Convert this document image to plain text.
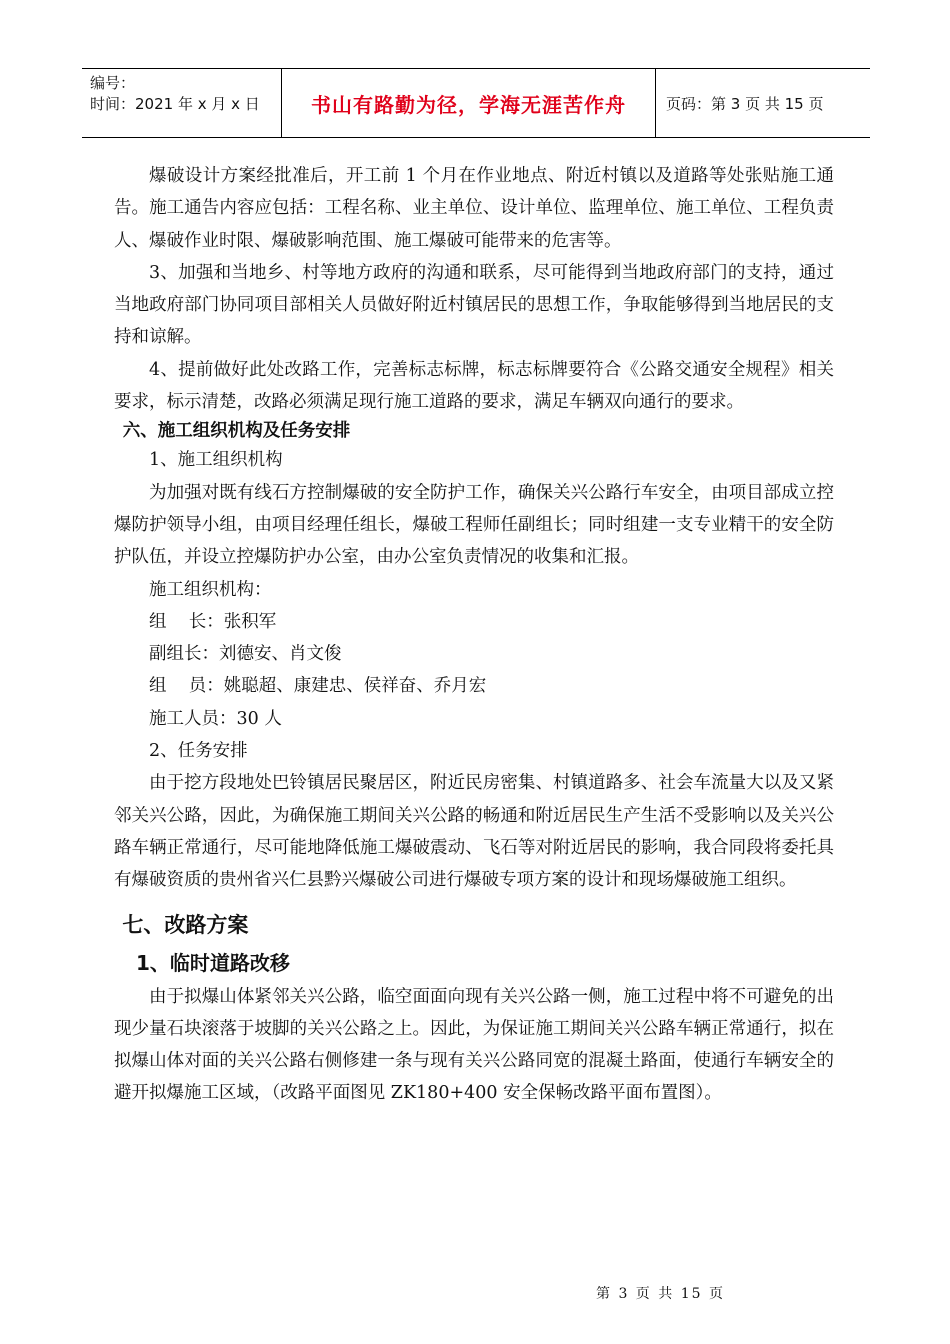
编号：
时间：2021 年 x 月 x 日	书山有路勤为径，学海无涯苦作舟	页码：第 3 页 共 15 页

爆破设计方案经批准后，开工前 1 个月在作业地点、附近村镇以及道路等处张贴施工通告。施工通告内容应包括：工程名称、业主单位、设计单位、监理单位、施工单位、工程负责人、爆破作业时限、爆破影响范围、施工爆破可能带来的危害等。

3、加强和当地乡、村等地方政府的沟通和联系，尽可能得到当地政府部门的支持，通过当地政府部门协同项目部相关人员做好附近村镇居民的思想工作，争取能够得到当地居民的支持和谅解。

4、提前做好此处改路工作，完善标志标牌，标志标牌要符合《公路交通安全规程》相关要求，标示清楚，改路必须满足现行施工道路的要求，满足车辆双向通行的要求。

六、施工组织机构及任务安排

1、施工组织机构

为加强对既有线石方控制爆破的安全防护工作，确保关兴公路行车安全，由项目部成立控爆防护领导小组，由项目经理任组长，爆破工程师任副组长；同时组建一支专业精干的安全防护队伍，并设立控爆防护办公室，由办公室负责情况的收集和汇报。

施工组织机构：

组    长：张积军

副组长：刘德安、肖文俊

组    员：姚聪超、康建忠、侯祥奋、乔月宏

施工人员：30 人

2、任务安排

由于挖方段地处巴铃镇居民聚居区，附近民房密集、村镇道路多、社会车流量大以及又紧邻关兴公路，因此，为确保施工期间关兴公路的畅通和附近居民生产生活不受影响以及关兴公路车辆正常通行，尽可能地降低施工爆破震动、飞石等对附近居民的影响，我合同段将委托具有爆破资质的贵州省兴仁县黔兴爆破公司进行爆破专项方案的设计和现场爆破施工组织。

七、改路方案

1、临时道路改移

由于拟爆山体紧邻关兴公路，临空面面向现有关兴公路一侧，施工过程中将不可避免的出现少量石块滚落于坡脚的关兴公路之上。因此，为保证施工期间关兴公路车辆正常通行，拟在拟爆山体对面的关兴公路右侧修建一条与现有关兴公路同宽的混凝土路面，使通行车辆安全的避开拟爆施工区域，（改路平面图见 ZK180+400 安全保畅改路平面布置图）。

第 3 页 共 15 页
